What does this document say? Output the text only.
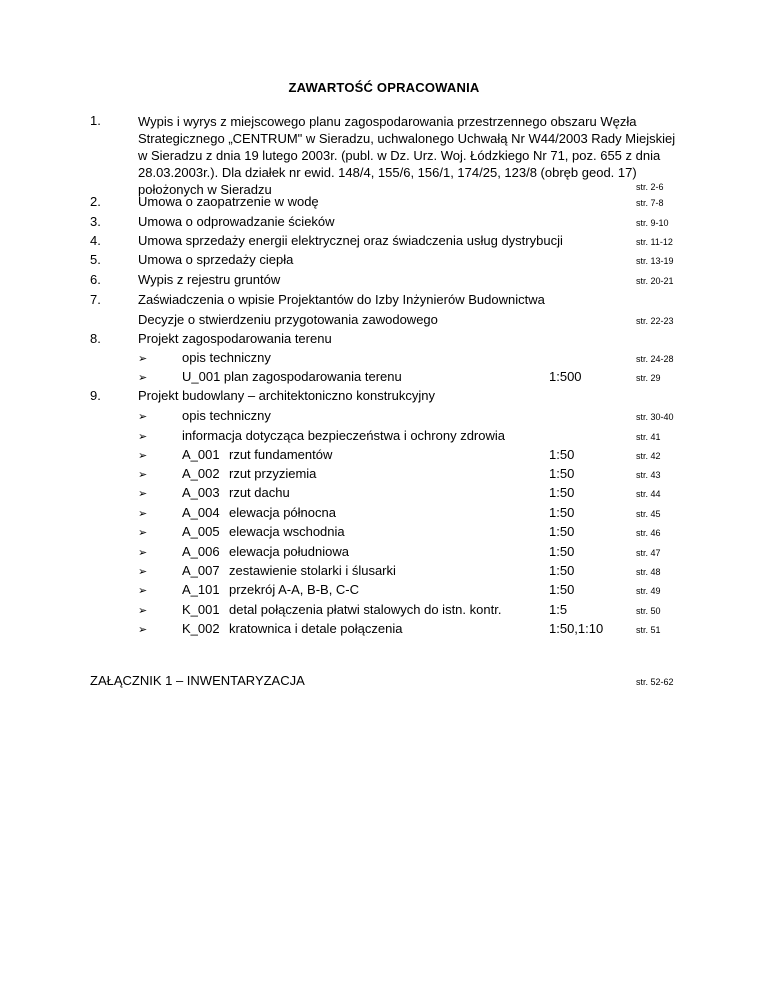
ZAWARTOŚĆ OPRACOWANIA
1.	Wypis i wyrys z miejscowego planu zagospodarowania przestrzennego obszaru Węzła
Strategicznego „CENTRUM" w Sieradzu, uchwalonego Uchwałą Nr W44/2003 Rady Miejskiej
w Sieradzu z dnia 19 lutego 2003r. (publ. w Dz. Urz. Woj. Łódzkiego Nr 71, poz. 655 z dnia
28.03.2003r.). Dla działek nr ewid. 148/4, 155/6, 156/1, 174/25, 123/8 (obręb geod. 17)
położonych w Sieradzu	str. 2-6
2.	Umowa o zaopatrzenie w wodę	str. 7-8
3.	Umowa o odprowadzanie ścieków	str. 9-10
4.	Umowa sprzedaży energii elektrycznej oraz świadczenia usług dystrybucji	str. 11-12
5.	Umowa o sprzedaży ciepła	str. 13-19
6.	Wypis z rejestru gruntów	str. 20-21
7.	Zaświadczenia o wpisie Projektantów do Izby Inżynierów Budownictwa
Decyzje o stwierdzeniu przygotowania zawodowego	str. 22-23
8.	Projekt zagospodarowania terenu
➢	opis techniczny	str. 24-28
➢	U_001 plan zagospodarowania terenu	1:500	str. 29
9.	Projekt budowlany – architektoniczno konstrukcyjny
➢	opis techniczny	str. 30-40
➢	informacja dotycząca bezpieczeństwa i ochrony zdrowia	str. 41
➢	A_001 rzut fundamentów	1:50	str. 42
➢	A_002 rzut przyziemia	1:50	str. 43
➢	A_003 rzut dachu	1:50	str. 44
➢	A_004 elewacja północna	1:50	str. 45
➢	A_005 elewacja wschodnia	1:50	str. 46
➢	A_006 elewacja południowa	1:50	str. 47
➢	A_007 zestawienie stolarki i ślusarki	1:50	str. 48
➢	A_101 przekrój A-A, B-B, C-C	1:50	str. 49
➢	K_001 detal połączenia płatwi stalowych do istn. kontr.	1:5	str. 50
➢	K_002 kratownica i detale połączenia	1:50,1:10	str. 51
ZAŁĄCZNIK 1 – INWENTARYZACJA	str. 52-62
